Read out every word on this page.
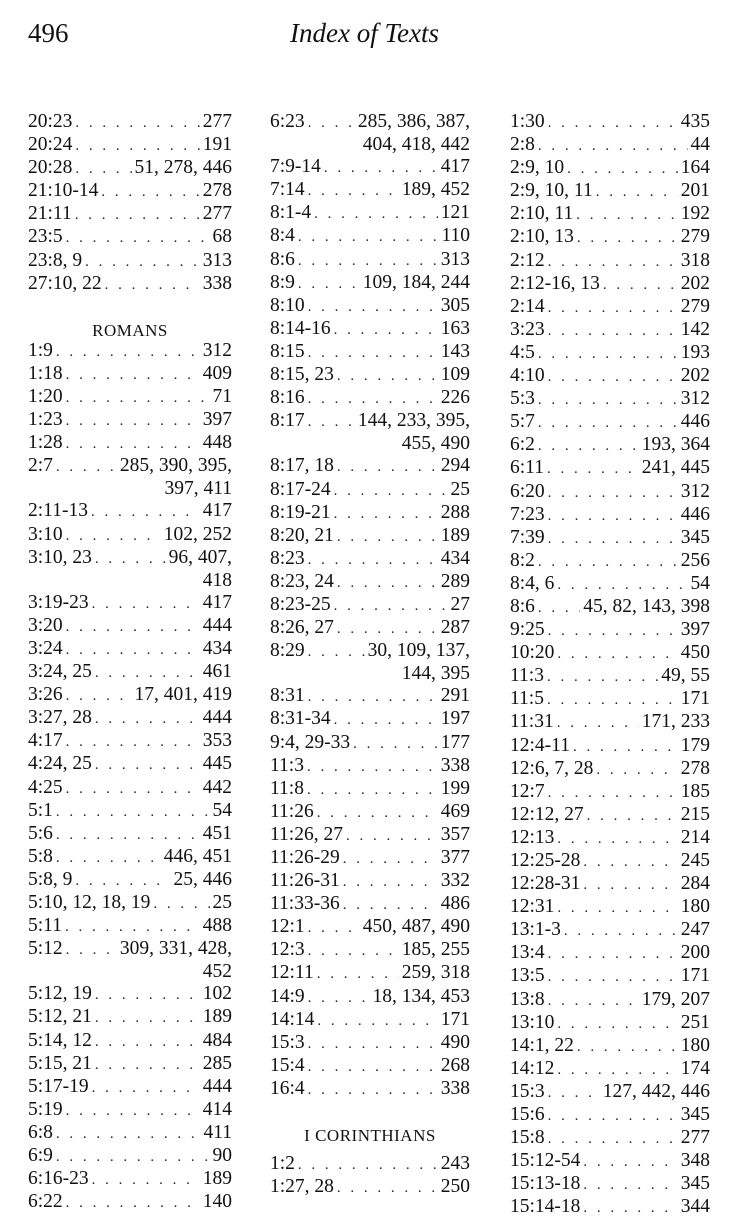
496	Index of Texts
20:23 . . .	277
20:24 . . .	191
20:28 . . .	51, 278, 446
21:10-14 . . .	278
21:11 . . .	277
23:5 . . .	68
23:8, 9 . . .	313
27:10, 22 . . .	338
ROMANS
1:9 . . .	312
1:18 . . .	409
1:20 . . .	71
1:23 . . .	397
1:28 . . .	448
2:7 . . .	285, 390, 395,
397, 411
2:11-13 . . .	417
3:10 . . .	102, 252
3:10, 23 . . .	96, 407,
418
3:19-23 . . .	417
3:20 . . .	444
3:24 . . .	434
3:24, 25 . . .	461
3:26 . . .	17, 401, 419
3:27, 28 . . .	444
4:17 . . .	353
4:24, 25 . . .	445
4:25 . . .	442
5:1 . . .	54
5:6 . . .	451
5:8 . . .	446, 451
5:8, 9 . . .	25, 446
5:10, 12, 18, 19 . . .	25
5:11 . . .	488
5:12 . . .	309, 331, 428,
452
5:12, 19 . . .	102
5:12, 21 . . .	189
5:14, 12 . . .	484
5:15, 21 . . .	285
5:17-19 . . .	444
5:19 . . .	414
6:8 . . .	411
6:9 . . .	90
6:16-23 . . .	189
6:22 . . .	140
6:23 . . .	285, 386, 387,
404, 418, 442
7:9-14 . . .	417
7:14 . . .	189, 452
8:1-4 . . .	121
8:4 . . .	110
8:6 . . .	313
8:9 . . .	109, 184, 244
8:10 . . .	305
8:14-16 . . .	163
8:15 . . .	143
8:15, 23 . . .	109
8:16 . . .	226
8:17 . . .	144, 233, 395,
455, 490
8:17, 18 . . .	294
8:17-24 . . .	25
8:19-21 . . .	288
8:20, 21 . . .	189
8:23 . . .	434
8:23, 24 . . .	289
8:23-25 . . .	27
8:26, 27 . . .	287
8:29 . . .	30, 109, 137,
144, 395
8:31 . . .	291
8:31-34 . . .	197
9:4, 29-33 . . .	177
11:3 . . .	338
11:8 . . .	199
11:26 . . .	469
11:26, 27 . . .	357
11:26-29 . . .	377
11:26-31 . . .	332
11:33-36 . . .	486
12:1 . . .	450, 487, 490
12:3 . . .	185, 255
12:11 . . .	259, 318
14:9 . . .	18, 134, 453
14:14 . . .	171
15:3 . . .	490
15:4 . . .	268
16:4 . . .	338
I CORINTHIANS
1:2 . . .	243
1:27, 28 . . .	250
1:30 . . .	435
2:8 . . .	44
2:9, 10 . . .	164
2:9, 10, 11 . . .	201
2:10, 11 . . .	192
2:10, 13 . . .	279
2:12 . . .	318
2:12-16, 13 . . .	202
2:14 . . .	279
3:23 . . .	142
4:5 . . .	193
4:10 . . .	202
5:3 . . .	312
5:7 . . .	446
6:2 . . .	193, 364
6:11 . . .	241, 445
6:20 . . .	312
7:23 . . .	446
7:39 . . .	345
8:2 . . .	256
8:4, 6 . . .	54
8:6 . . . 45, 82, 143, 398
9:25 . . .	397
10:20 . . .	450
11:3 . . .	49, 55
11:5 . . .	171
11:31 . . .	171, 233
12:4-11 . . .	179
12:6, 7, 28 . . .	278
12:7 . . .	185
12:12, 27 . . .	215
12:13 . . .	214
12:25-28 . . .	245
12:28-31 . . .	284
12:31 . . .	180
13:1-3 . . .	247
13:4 . . .	200
13:5 . . .	171
13:8 . . .	179, 207
13:10 . . .	251
14:1, 22 . . .	180
14:12 . . .	174
15:3 . . .	127, 442, 446
15:6 . . .	345
15:8 . . .	277
15:12-54 . . .	348
15:13-18 . . .	345
15:14-18 . . .	344
